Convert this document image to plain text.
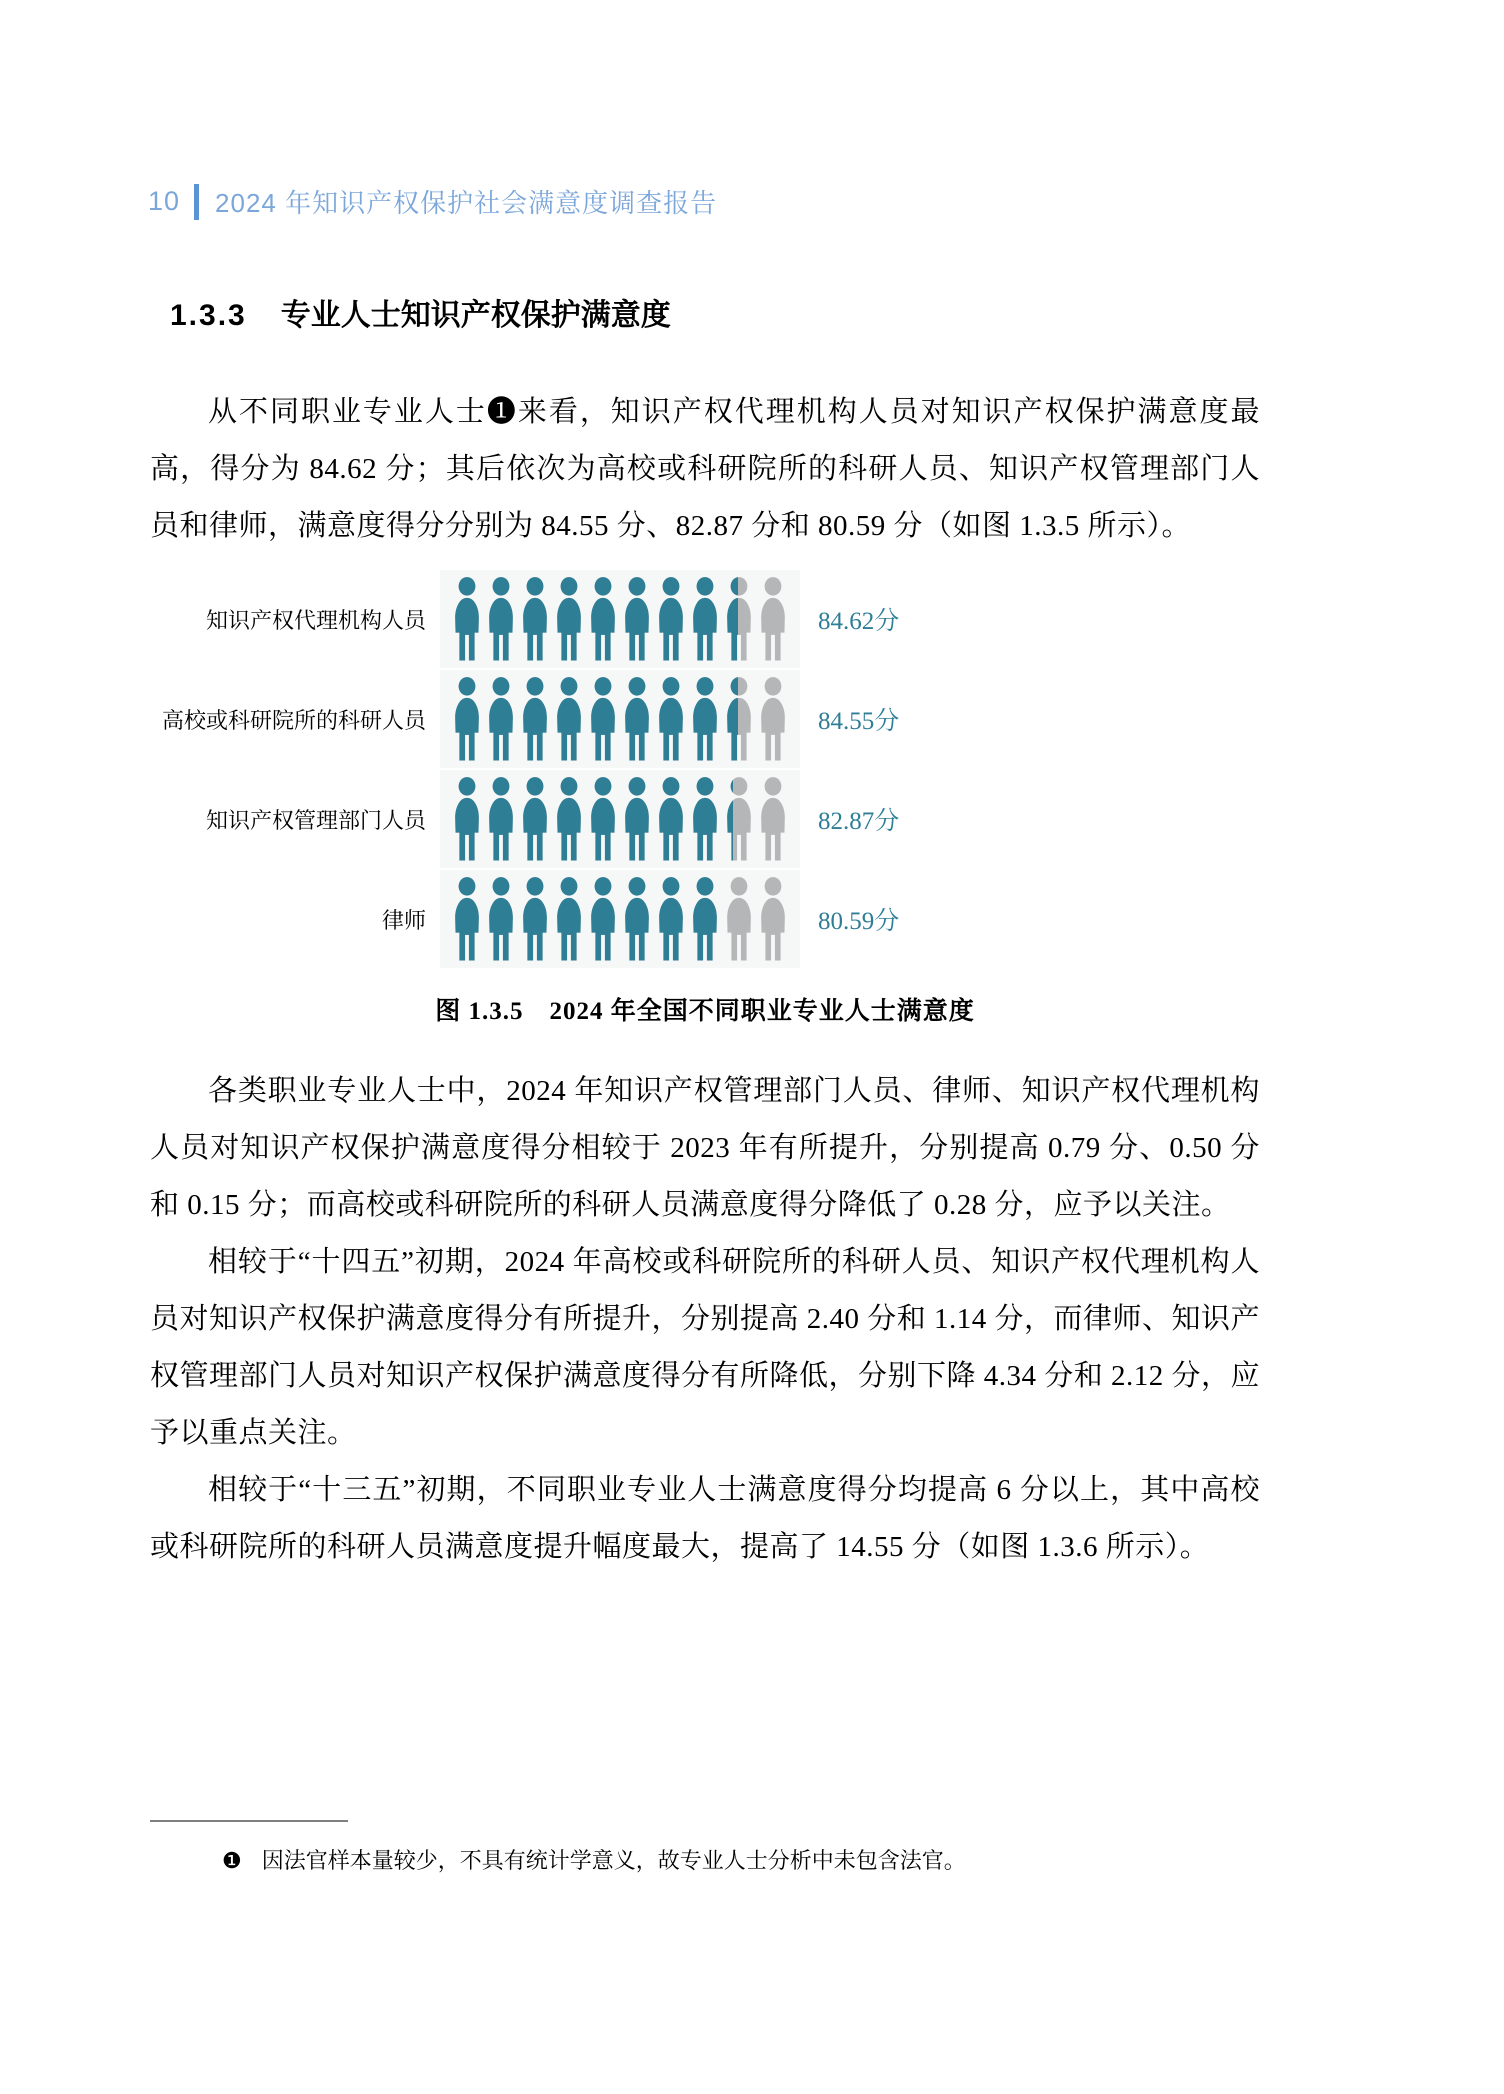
10 2024 年知识产权保护社会满意度调查报告
1.3.3 专业人士知识产权保护满意度

从不同职业专业人士❶来看，知识产权代理机构人员对知识产权保护满意度最高，得分为 84.62 分；其后依次为高校或科研院所的科研人员、知识产权管理部门人员和律师，满意度得分分别为 84.55 分、82.87 分和 80.59 分（如图 1.3.5 所示）。

知识产权代理机构人员	84.62分
高校或科研院所的科研人员	84.55分
知识产权管理部门人员	82.87分
律师	80.59分
图 1.3.5　2024 年全国不同职业专业人士满意度

各类职业专业人士中，2024 年知识产权管理部门人员、律师、知识产权代理机构人员对知识产权保护满意度得分相较于 2023 年有所提升，分别提高 0.79 分、0.50 分和 0.15 分；而高校或科研院所的科研人员满意度得分降低了 0.28 分，应予以关注。

相较于“十四五”初期，2024 年高校或科研院所的科研人员、知识产权代理机构人员对知识产权保护满意度得分有所提升，分别提高 2.40 分和 1.14 分，而律师、知识产权管理部门人员对知识产权保护满意度得分有所降低，分别下降 4.34 分和 2.12 分，应予以重点关注。

相较于“十三五”初期，不同职业专业人士满意度得分均提高 6 分以上，其中高校或科研院所的科研人员满意度提升幅度最大，提高了 14.55 分（如图 1.3.6 所示）。

❶ 因法官样本量较少，不具有统计学意义，故专业人士分析中未包含法官。
